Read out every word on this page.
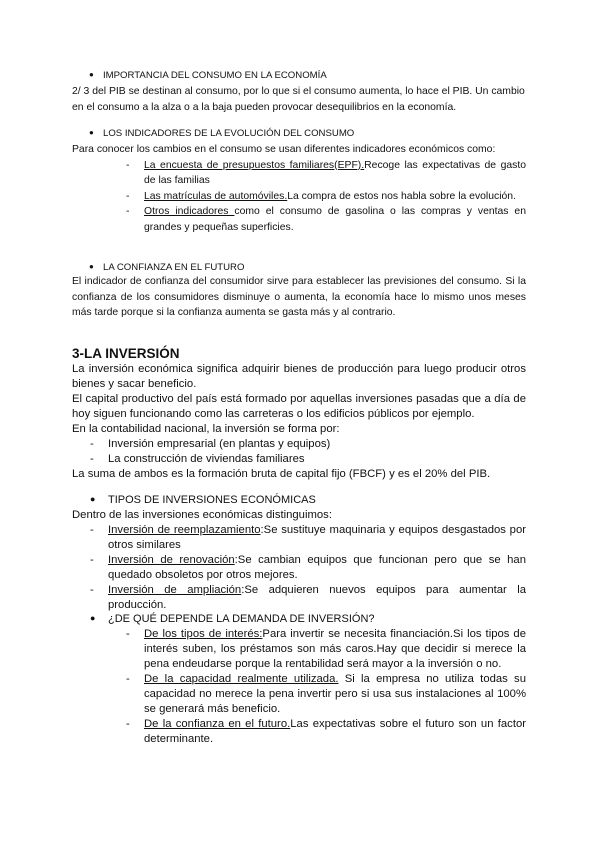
● IMPORTANCIA DEL CONSUMO EN LA ECONOMÍA

2/ 3 del PIB se destinan al consumo, por lo que si el consumo aumenta, lo hace el PIB. Un cambio en el consumo a la alza o a la baja pueden provocar desequilibrios en la economía.

● LOS INDICADORES DE LA EVOLUCIÓN DEL CONSUMO

Para conocer los cambios en el consumo se usan diferentes indicadores económicos como:

- La encuesta de presupuestos familiares(EPF).Recoge las expectativas de gasto de las familias
- Las matrículas de automóviles.La compra de estos nos habla sobre la evolución.
- Otros indicadores como el consumo de gasolina o las compras y ventas en grandes y pequeñas superficies.

● LA CONFIANZA EN EL FUTURO

El indicador de confianza del consumidor sirve para establecer las previsiones del consumo. Si la confianza de los consumidores disminuye o aumenta, la economía hace lo mismo unos meses más tarde porque si la confianza aumenta se gasta más y al contrario.

3-LA INVERSIÓN

La inversión económica significa adquirir bienes de producción para luego producir otros bienes y sacar beneficio.

El capital productivo del país está formado por aquellas inversiones pasadas que a día de hoy siguen funcionando como las carreteras o los edificios públicos por ejemplo.

En la contabilidad nacional, la inversión se forma por:

- Inversión empresarial (en plantas y equipos)
- La construcción de viviendas familiares

La suma de ambos es la formación bruta de capital fijo (FBCF) y es el 20% del PIB.

● TIPOS DE INVERSIONES ECONÓMICAS

Dentro de las inversiones económicas distinguimos:

- Inversión de reemplazamiento:Se sustituye maquinaria y equipos desgastados por otros similares
- Inversión de renovación:Se cambian equipos que funcionan pero que se han quedado obsoletos por otros mejores.
- Inversión de ampliación:Se adquieren nuevos equipos para aumentar la producción.

● ¿DE QUÉ DEPENDE LA DEMANDA DE INVERSIÓN?

- De los tipos de interés:Para invertir se necesita financiación.Si los tipos de interés suben, los préstamos son más caros.Hay que decidir si merece la pena endeudarse porque la rentabilidad será mayor a la inversión o no.
- De la capacidad realmente utilizada. Si la empresa no utiliza todas su capacidad no merece la pena invertir pero si usa sus instalaciones al 100% se generará más beneficio.
- De la confianza en el futuro.Las expectativas sobre el futuro son un factor determinante.
